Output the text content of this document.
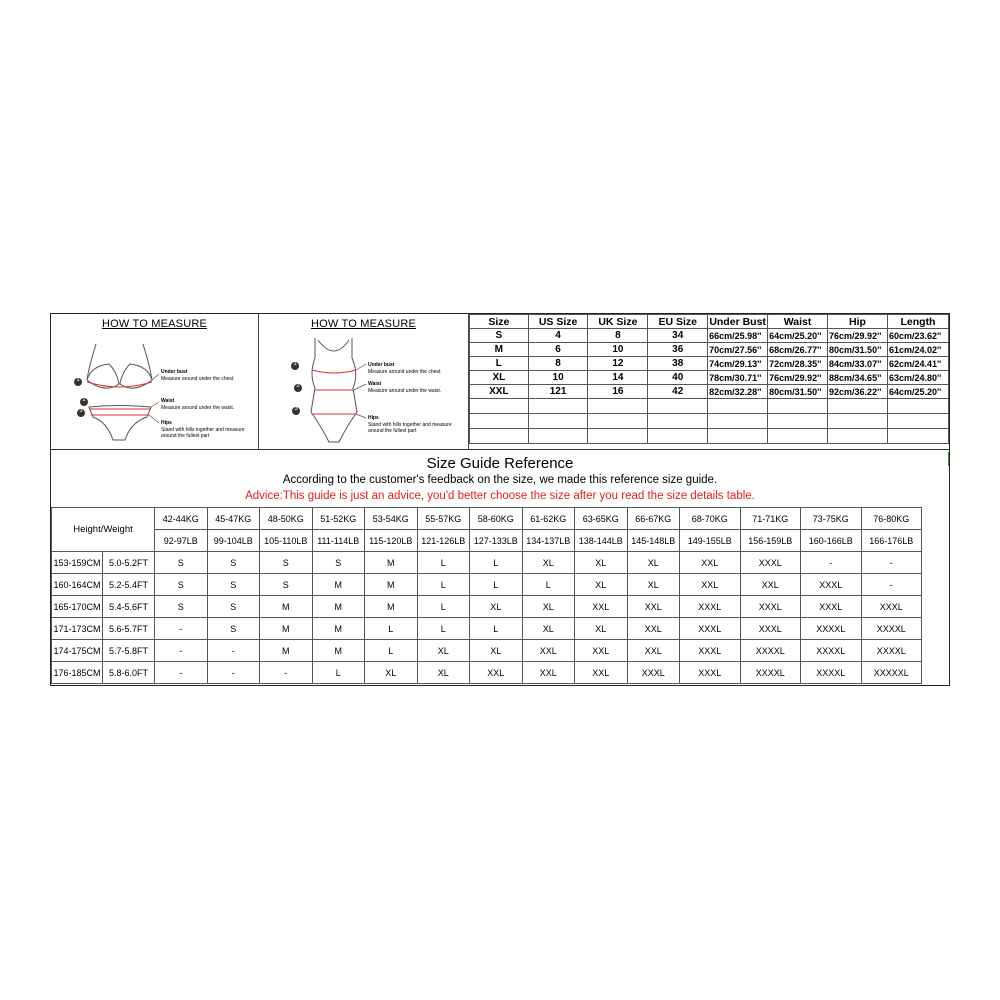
HOW TO MEASURE
1
2
3
Under bust
Measure around under the chest.
Waist
Measure around under the waist.
Hips
Stand with hills together and measure
around the fullest part
HOW TO MEASURE
1
2
3
Under bust
Measure around under the chest.
Waist
Measure around under the waist.
Hips
Stand with hills together and measure
around the fullest part
Size	US Size	UK Size	EU Size	Under Bust	Waist	Hip	Length
S	4	8	34	66cm/25.98''	64cm/25.20''	76cm/29.92''	60cm/23.62''
M	6	10	36	70cm/27.56''	68cm/26.77''	80cm/31.50''	61cm/24.02''
L	8	12	38	74cm/29.13''	72cm/28.35''	84cm/33.07''	62cm/24.41''
XL	10	14	40	78cm/30.71''	76cm/29.92''	88cm/34.65''	63cm/24.80''
XXL	121	16	42	82cm/32.28''	80cm/31.50''	92cm/36.22''	64cm/25.20''

Size Guide Reference
According to the customer's feedback on the size, we made this reference size guide.
Advice:This guide is just an advice, you'd better choose the size after you read the size details table.
Height/Weight		42-44KG	45-47KG	48-50KG	51-52KG	53-54KG	55-57KG	58-60KG	61-62KG	63-65KG	66-67KG	68-70KG	71-71KG	73-75KG	76-80KG
		92-97LB	99-104LB	105-110LB	111-114LB	115-120LB	121-126LB	127-133LB	134-137LB	138-144LB	145-148LB	149-155LB	156-159LB	160-166LB	166-176LB
153-159CM	5.0-5.2FT	S	S	S	S	M	L	L	XL	XL	XL	XXL	XXXL	-	-
160-164CM	5.2-5.4FT	S	S	S	M	M	L	L	L	XL	XL	XXL	XXL	XXXL	-
165-170CM	5.4-5.6FT	S	S	M	M	M	L	XL	XL	XXL	XXL	XXXL	XXXL	XXXL	XXXL
171-173CM	5.6-5.7FT	-	S	M	M	L	L	L	XL	XL	XXL	XXXL	XXXL	XXXXL	XXXXL
174-175CM	5.7-5.8FT	-	-	M	M	L	XL	XL	XXL	XXL	XXL	XXXL	XXXXL	XXXXL	XXXXL
176-185CM	5.8-6.0FT	-	-	-	L	XL	XL	XXL	XXL	XXL	XXXL	XXXL	XXXXL	XXXXL	XXXXXL
